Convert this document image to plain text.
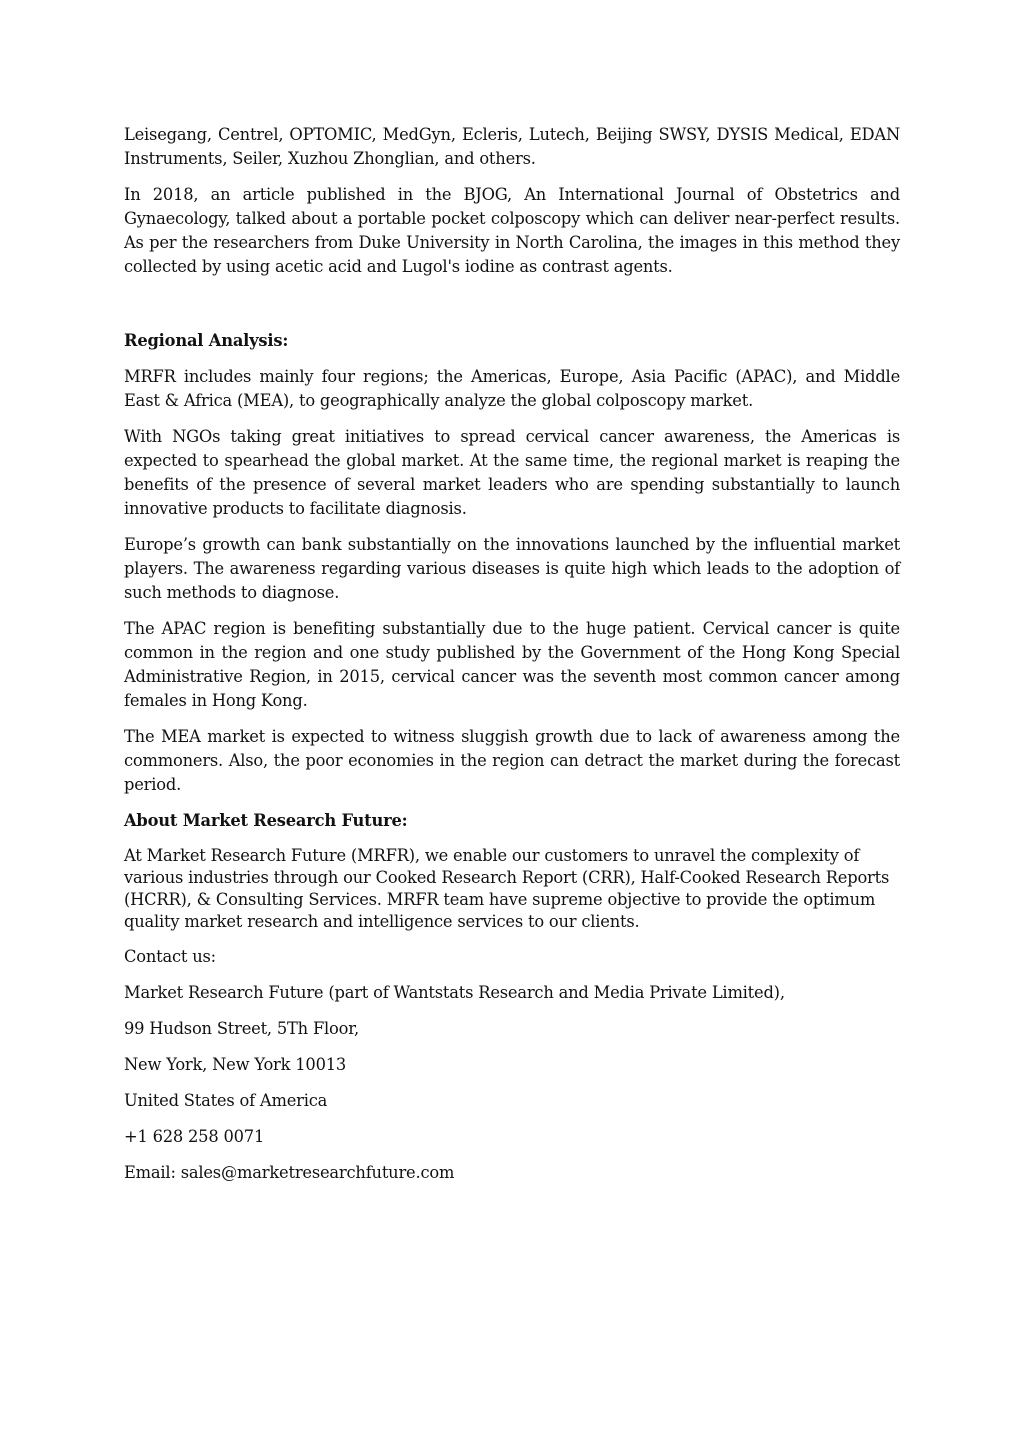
Leisegang, Centrel, OPTOMIC, MedGyn, Ecleris, Lutech, Beijing SWSY, DYSIS Medical, EDAN Instruments, Seiler, Xuzhou Zhonglian, and others.

In 2018, an article published in the BJOG, An International Journal of Obstetrics and Gynaecology, talked about a portable pocket colposcopy which can deliver near-perfect results. As per the researchers from Duke University in North Carolina, the images in this method they collected by using acetic acid and Lugol's iodine as contrast agents.

Regional Analysis:

MRFR includes mainly four regions; the Americas, Europe, Asia Pacific (APAC), and Middle East & Africa (MEA), to geographically analyze the global colposcopy market.

With NGOs taking great initiatives to spread cervical cancer awareness, the Americas is expected to spearhead the global market. At the same time, the regional market is reaping the benefits of the presence of several market leaders who are spending substantially to launch innovative products to facilitate diagnosis.

Europe’s growth can bank substantially on the innovations launched by the influential market players. The awareness regarding various diseases is quite high which leads to the adoption of such methods to diagnose.

The APAC region is benefiting substantially due to the huge patient. Cervical cancer is quite common in the region and one study published by the Government of the Hong Kong Special Administrative Region, in 2015, cervical cancer was the seventh most common cancer among females in Hong Kong.

The MEA market is expected to witness sluggish growth due to lack of awareness among the commoners. Also, the poor economies in the region can detract the market during the forecast period.

About Market Research Future:

At Market Research Future (MRFR), we enable our customers to unravel the complexity of various industries through our Cooked Research Report (CRR), Half-Cooked Research Reports (HCRR), & Consulting Services. MRFR team have supreme objective to provide the optimum quality market research and intelligence services to our clients.

Contact us:

Market Research Future (part of Wantstats Research and Media Private Limited),

99 Hudson Street, 5Th Floor,

New York, New York 10013

United States of America

+1 628 258 0071

Email: sales@marketresearchfuture.com
